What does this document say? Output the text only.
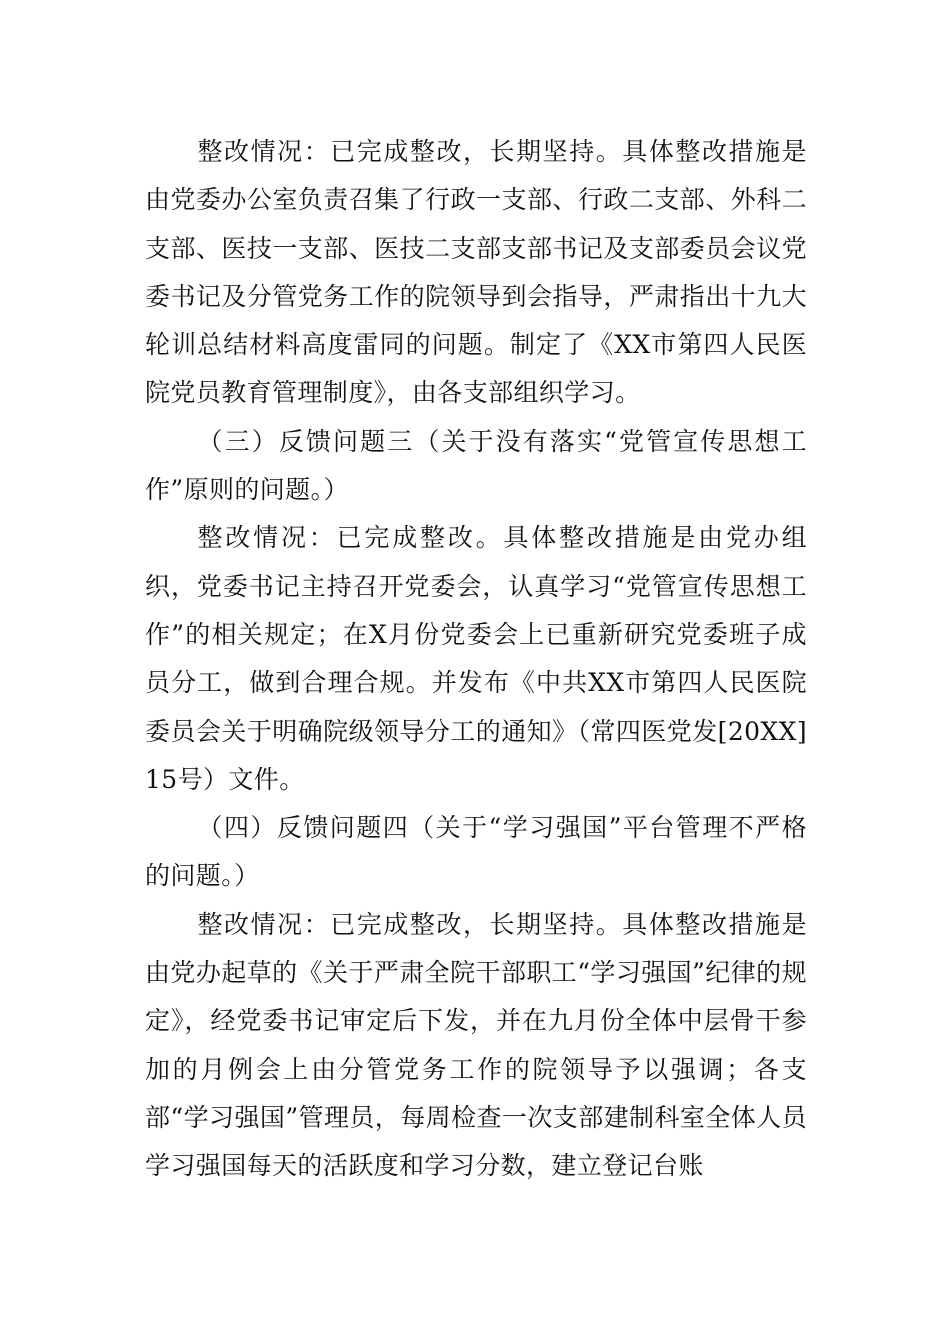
整改情况：已完成整改，长期坚持。具体整改措施是由党委办公室负责召集了行政一支部、行政二支部、外科二支部、医技一支部、医技二支部支部书记及支部委员会议党委书记及分管党务工作的院领导到会指导，严肃指出十九大轮训总结材料高度雷同的问题。制定了《XX市第四人民医院党员教育管理制度》，由各支部组织学习。

（三）反馈问题三（关于没有落实“党管宣传思想工作”原则的问题。）

整改情况：已完成整改。具体整改措施是由党办组织，党委书记主持召开党委会，认真学习“党管宣传思想工作”的相关规定；在X月份党委会上已重新研究党委班子成员分工，做到合理合规。并发布《中共XX市第四人民医院委员会关于明确院级领导分工的通知》（常四医党发[20XX]15号）文件。

（四）反馈问题四（关于“学习强国”平台管理不严格的问题。）

整改情况：已完成整改，长期坚持。具体整改措施是由党办起草的《关于严肃全院干部职工“学习强国”纪律的规定》，经党委书记审定后下发，并在九月份全体中层骨干参加的月例会上由分管党务工作的院领导予以强调；各支部“学习强国”管理员，每周检查一次支部建制科室全体人员学习强国每天的活跃度和学习分数，建立登记台账
